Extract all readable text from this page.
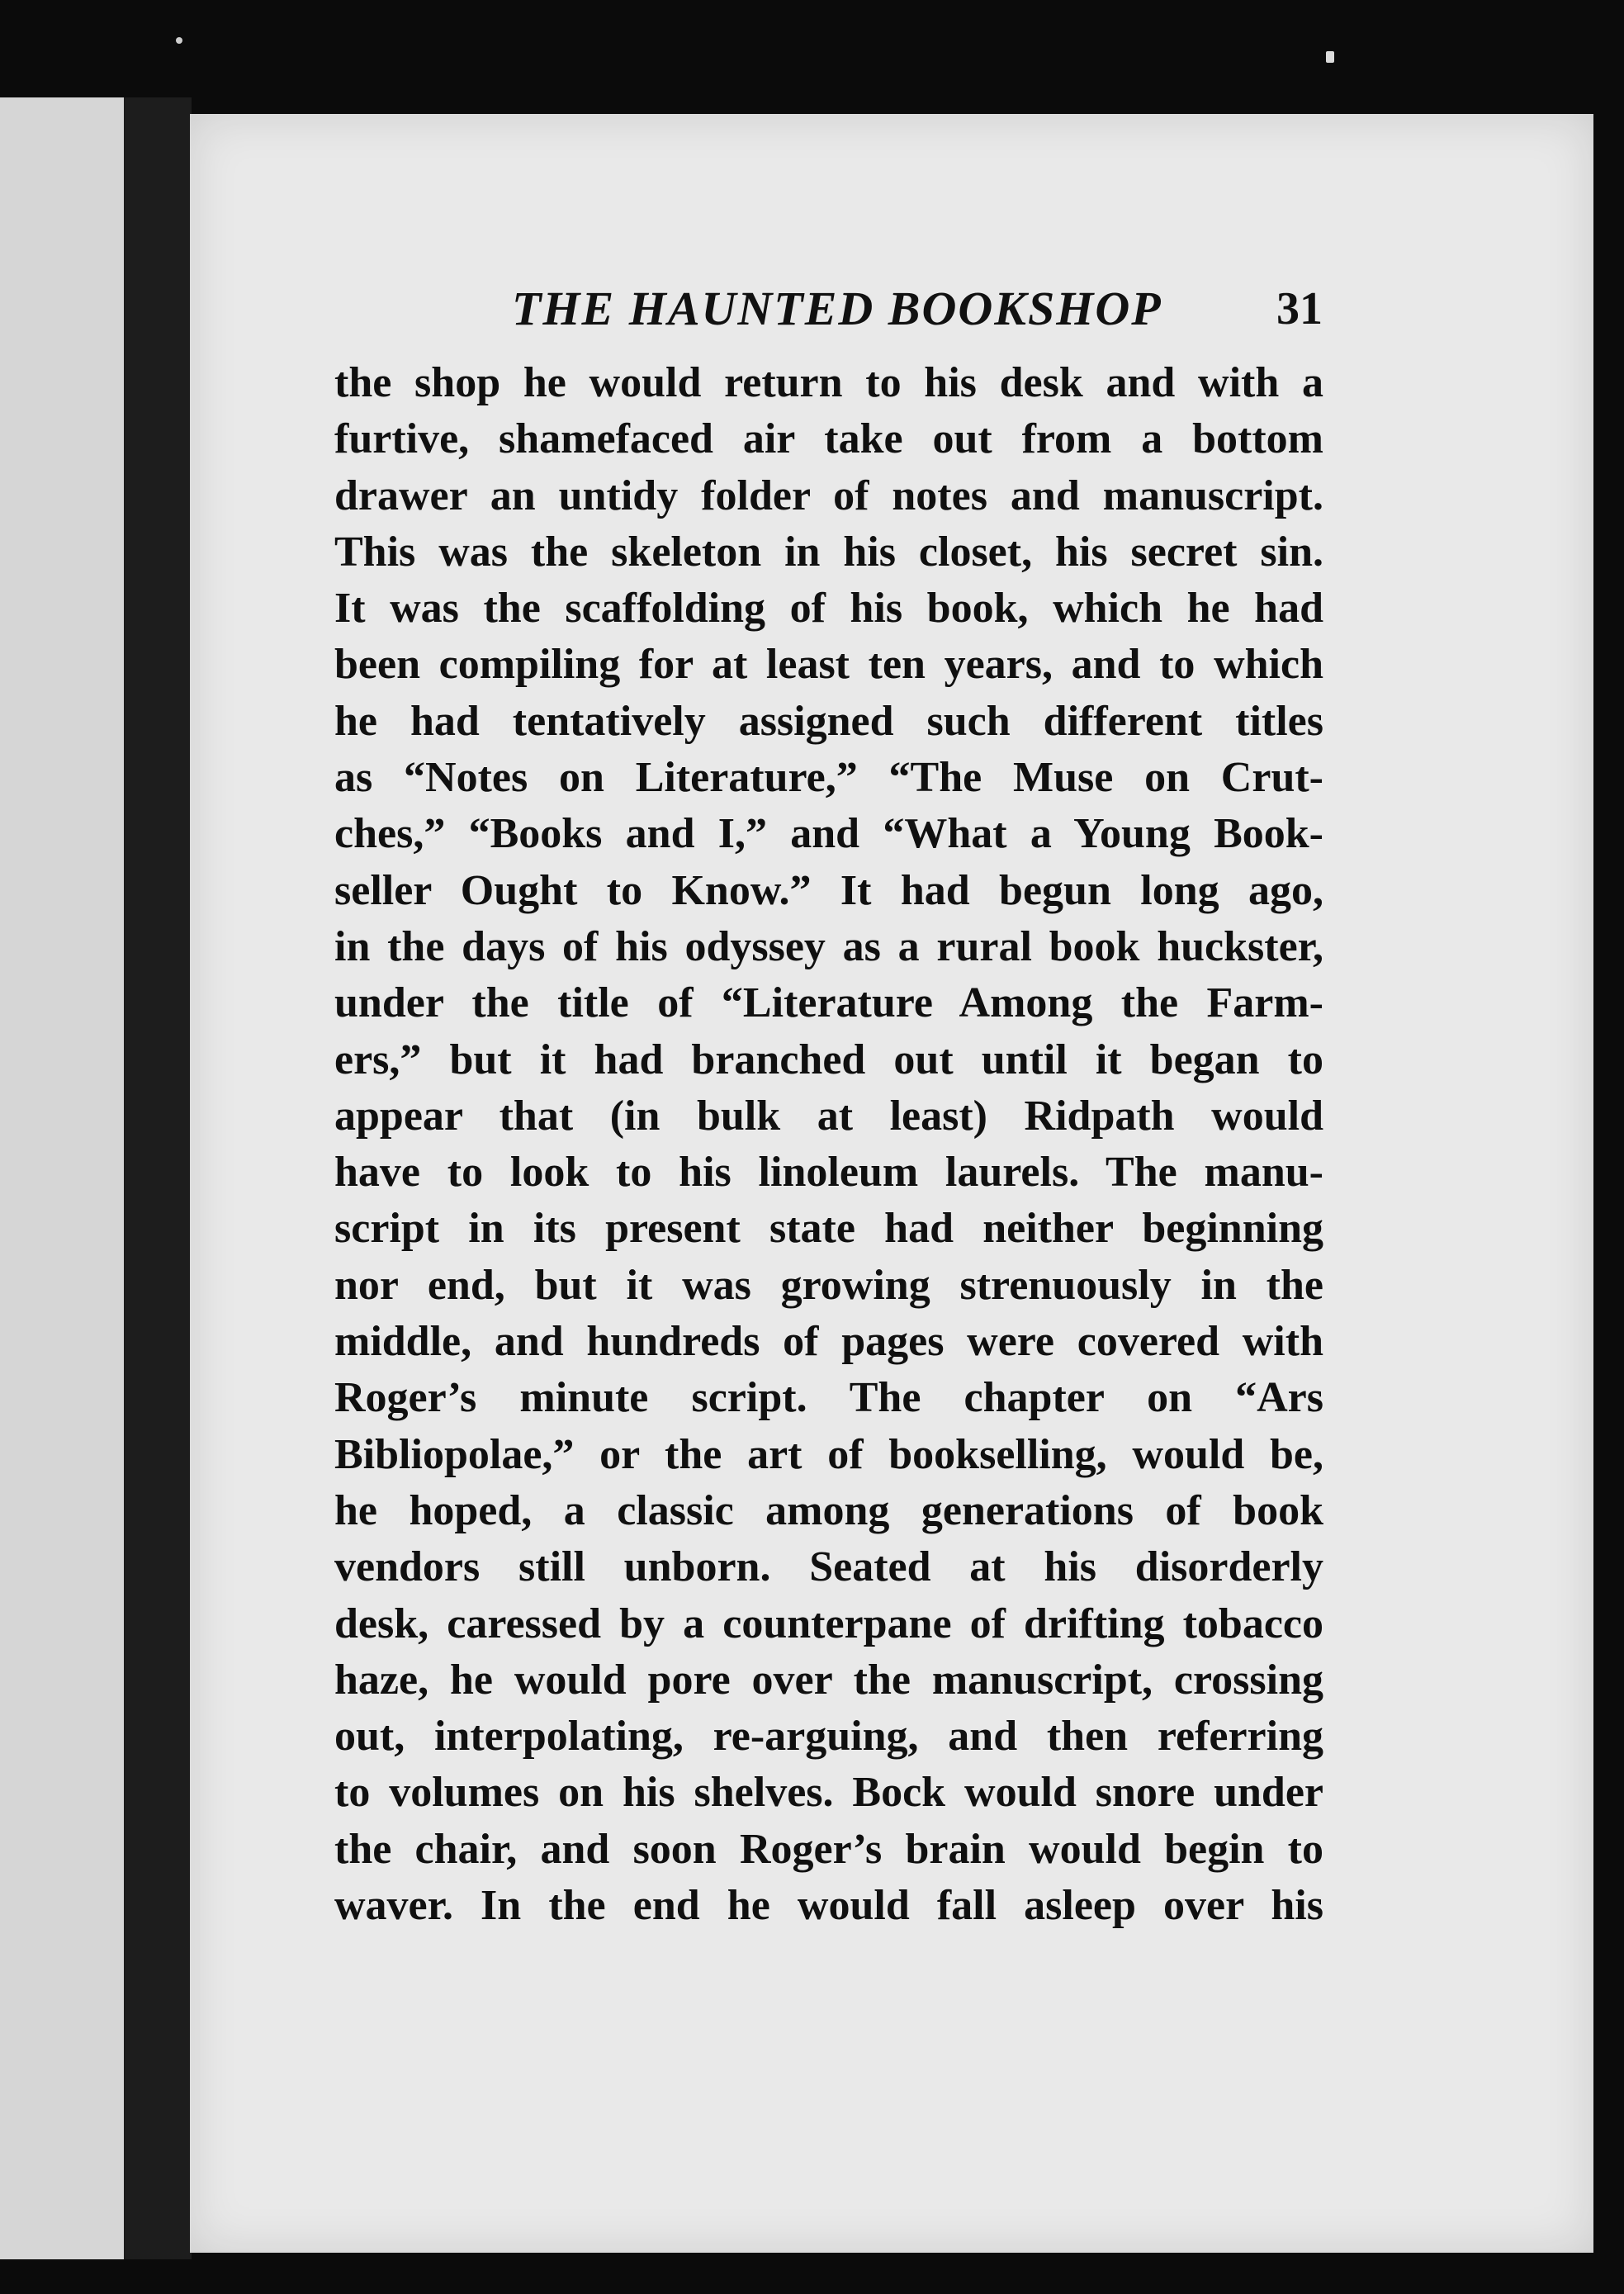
THE HAUNTED BOOKSHOP 31
the shop he would return to his desk and with a
furtive, shamefaced air take out from a bottom
drawer an untidy folder of notes and manuscript.
This was the skeleton in his closet, his secret sin.
It was the scaffolding of his book, which he had
been compiling for at least ten years, and to which
he had tentatively assigned such different titles
as “Notes on Literature,” “The Muse on Crut-
ches,” “Books and I,” and “What a Young Book-
seller Ought to Know.” It had begun long ago,
in the days of his odyssey as a rural book huckster,
under the title of “Literature Among the Farm-
ers,” but it had branched out until it began to
appear that (in bulk at least) Ridpath would
have to look to his linoleum laurels. The manu-
script in its present state had neither beginning
nor end, but it was growing strenuously in the
middle, and hundreds of pages were covered with
Roger’s minute script. The chapter on “Ars
Bibliopolae,” or the art of bookselling, would be,
he hoped, a classic among generations of book
vendors still unborn. Seated at his disorderly
desk, caressed by a counterpane of drifting tobacco
haze, he would pore over the manuscript, crossing
out, interpolating, re-arguing, and then referring
to volumes on his shelves. Bock would snore under
the chair, and soon Roger’s brain would begin to
waver. In the end he would fall asleep over his
